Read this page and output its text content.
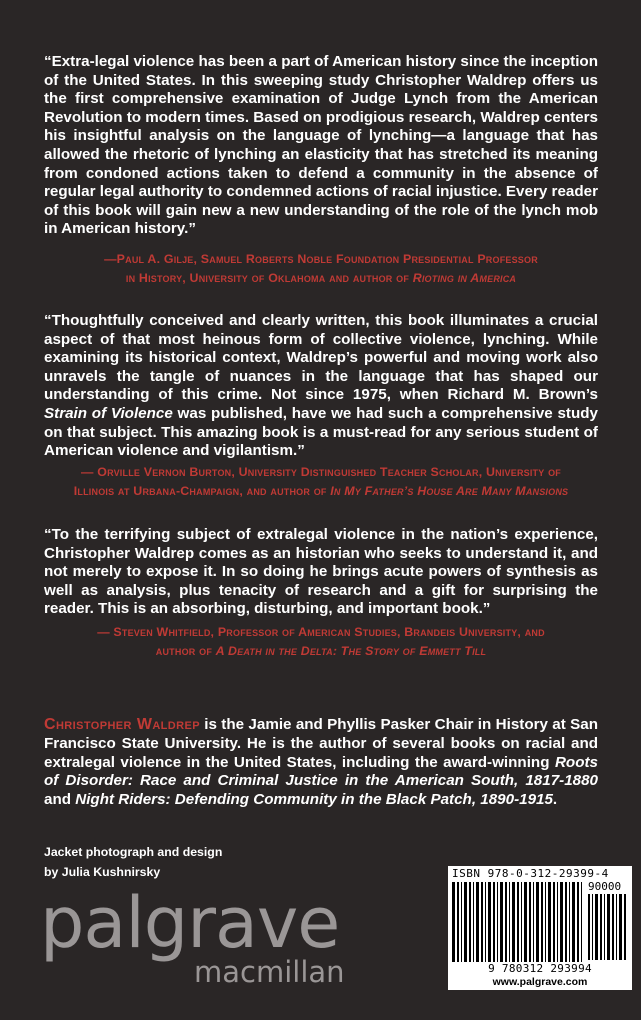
“Extra-legal violence has been a part of American history since the inception of the United States. In this sweeping study Christopher Waldrep offers us the first comprehensive examination of Judge Lynch from the American Revolution to modern times. Based on prodigious research, Waldrep centers his insightful analysis on the language of lynching—a language that has allowed the rhetoric of lynching an elasticity that has stretched its meaning from condoned actions taken to defend a community in the absence of regular legal authority to condemned actions of racial injustice. Every reader of this book will gain new a new understanding of the role of the lynch mob in American history.”
—Paul A. Gilje, Samuel Roberts Noble Foundation Presidential Professor
in History, University of Oklahoma and author of Rioting in America
“Thoughtfully conceived and clearly written, this book illuminates a crucial aspect of that most heinous form of collective violence, lynching. While examining its historical context, Waldrep’s powerful and moving work also unravels the tangle of nuances in the language that has shaped our understanding of this crime. Not since 1975, when Richard M. Brown’s Strain of Violence was published, have we had such a comprehensive study on that subject. This amazing book is a must-read for any serious student of American violence and vigilantism.”
— Orville Vernon Burton, University Distinguished Teacher Scholar, University of
Illinois at Urbana-Champaign, and author of In My Father’s House Are Many Mansions
“To the terrifying subject of extralegal violence in the nation’s experience, Christopher Waldrep comes as an historian who seeks to understand it, and not merely to expose it. In so doing he brings acute powers of synthesis as well as analysis, plus tenacity of research and a gift for surprising the reader. This is an absorbing, disturbing, and important book.”
— Steven Whitfield, Professor of American Studies, Brandeis University, and
author of A Death in the Delta: The Story of Emmett Till
Christopher Waldrep is the Jamie and Phyllis Pasker Chair in History at San Francisco State University. He is the author of several books on racial and extralegal violence in the United States, including the award-winning Roots of Disorder: Race and Criminal Justice in the American South, 1817-1880 and Night Riders: Defending Community in the Black Patch, 1890-1915.
Jacket photograph and design
by Julia Kushnirsky
palgrave
macmillan
ISBN 978-0-312-29399-4
90000
9 780312 293994
www.palgrave.com
